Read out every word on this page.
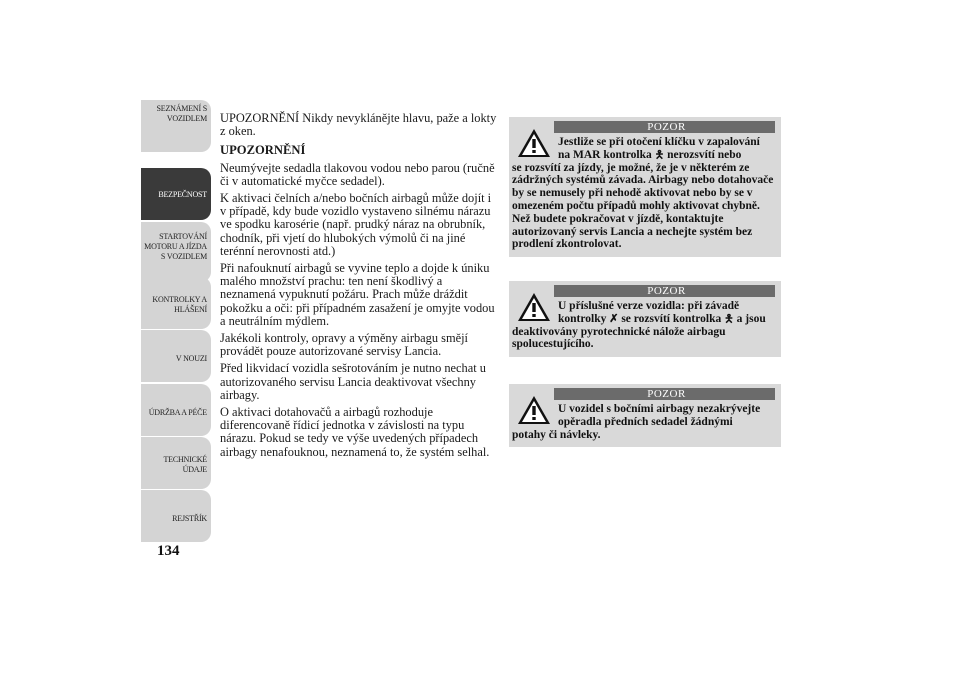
SEZNÁMENÍ S
VOZIDLEM
BEZPEČNOST
STARTOVÁNÍ
MOTORU A JÍZDA
S VOZIDLEM
KONTROLKY A
HLÁŠENÍ
V NOUZI
ÚDRŽBA A PÉČE
TECHNICKÉ
ÚDAJE
REJSTŘÍK
134

UPOZORNĚNÍ Nikdy nevyklánějte hlavu, paže a lokty z oken.

UPOZORNĚNÍ

Neumývejte sedadla tlakovou vodou nebo parou (ručně či v automatické myčce sedadel).

K aktivaci čelních a/nebo bočních airbagů může dojít i v případě, kdy bude vozidlo vystaveno silnému nárazu ve spodku karosérie (např. prudký náraz na obrubník, chodník, při vjetí do hlubokých výmolů či na jiné terénní nerovnosti atd.)

Při nafouknutí airbagů se vyvine teplo a dojde k úniku malého množství prachu: ten není škodlivý a neznamená vypuknutí požáru. Prach může dráždit pokožku a oči: při případném zasažení je omyjte vodou a neutrálním mýdlem.

Jakékoli kontroly, opravy a výměny airbagu smějí provádět pouze autorizované servisy Lancia.

Před likvidací vozidla sešrotováním je nutno nechat u autorizovaného servisu Lancia deaktivovat všechny airbagy.

O aktivaci dotahovačů a airbagů rozhoduje diferencovaně řídicí jednotka v závislosti na typu nárazu. Pokud se tedy ve výše uvedených případech airbagy nenafouknou, neznamená to, že systém selhal.

POZOR
Jestliže se při otočení klíčku v zapalování
na MAR kontrolka 🯅 nerozsvítí nebo
se rozsvítí za jízdy, je možné, že je v některém ze zádržných systémů závada. Airbagy nebo dotahovače by se nemusely při nehodě aktivovat nebo by se v omezeném počtu případů mohly aktivovat chybně. Než budete pokračovat v jízdě, kontaktujte autorizovaný servis Lancia a nechejte systém bez prodlení zkontrolovat.
POZOR
U příslušné verze vozidla: při závadě
kontrolky ✗ se rozsvítí kontrolka 🯅 a jsou
deaktivovány pyrotechnické nálože airbagu spolucestujícího.
POZOR
U vozidel s bočními airbagy nezakrývejte
opěradla předních sedadel žádnými
potahy či návleky.
